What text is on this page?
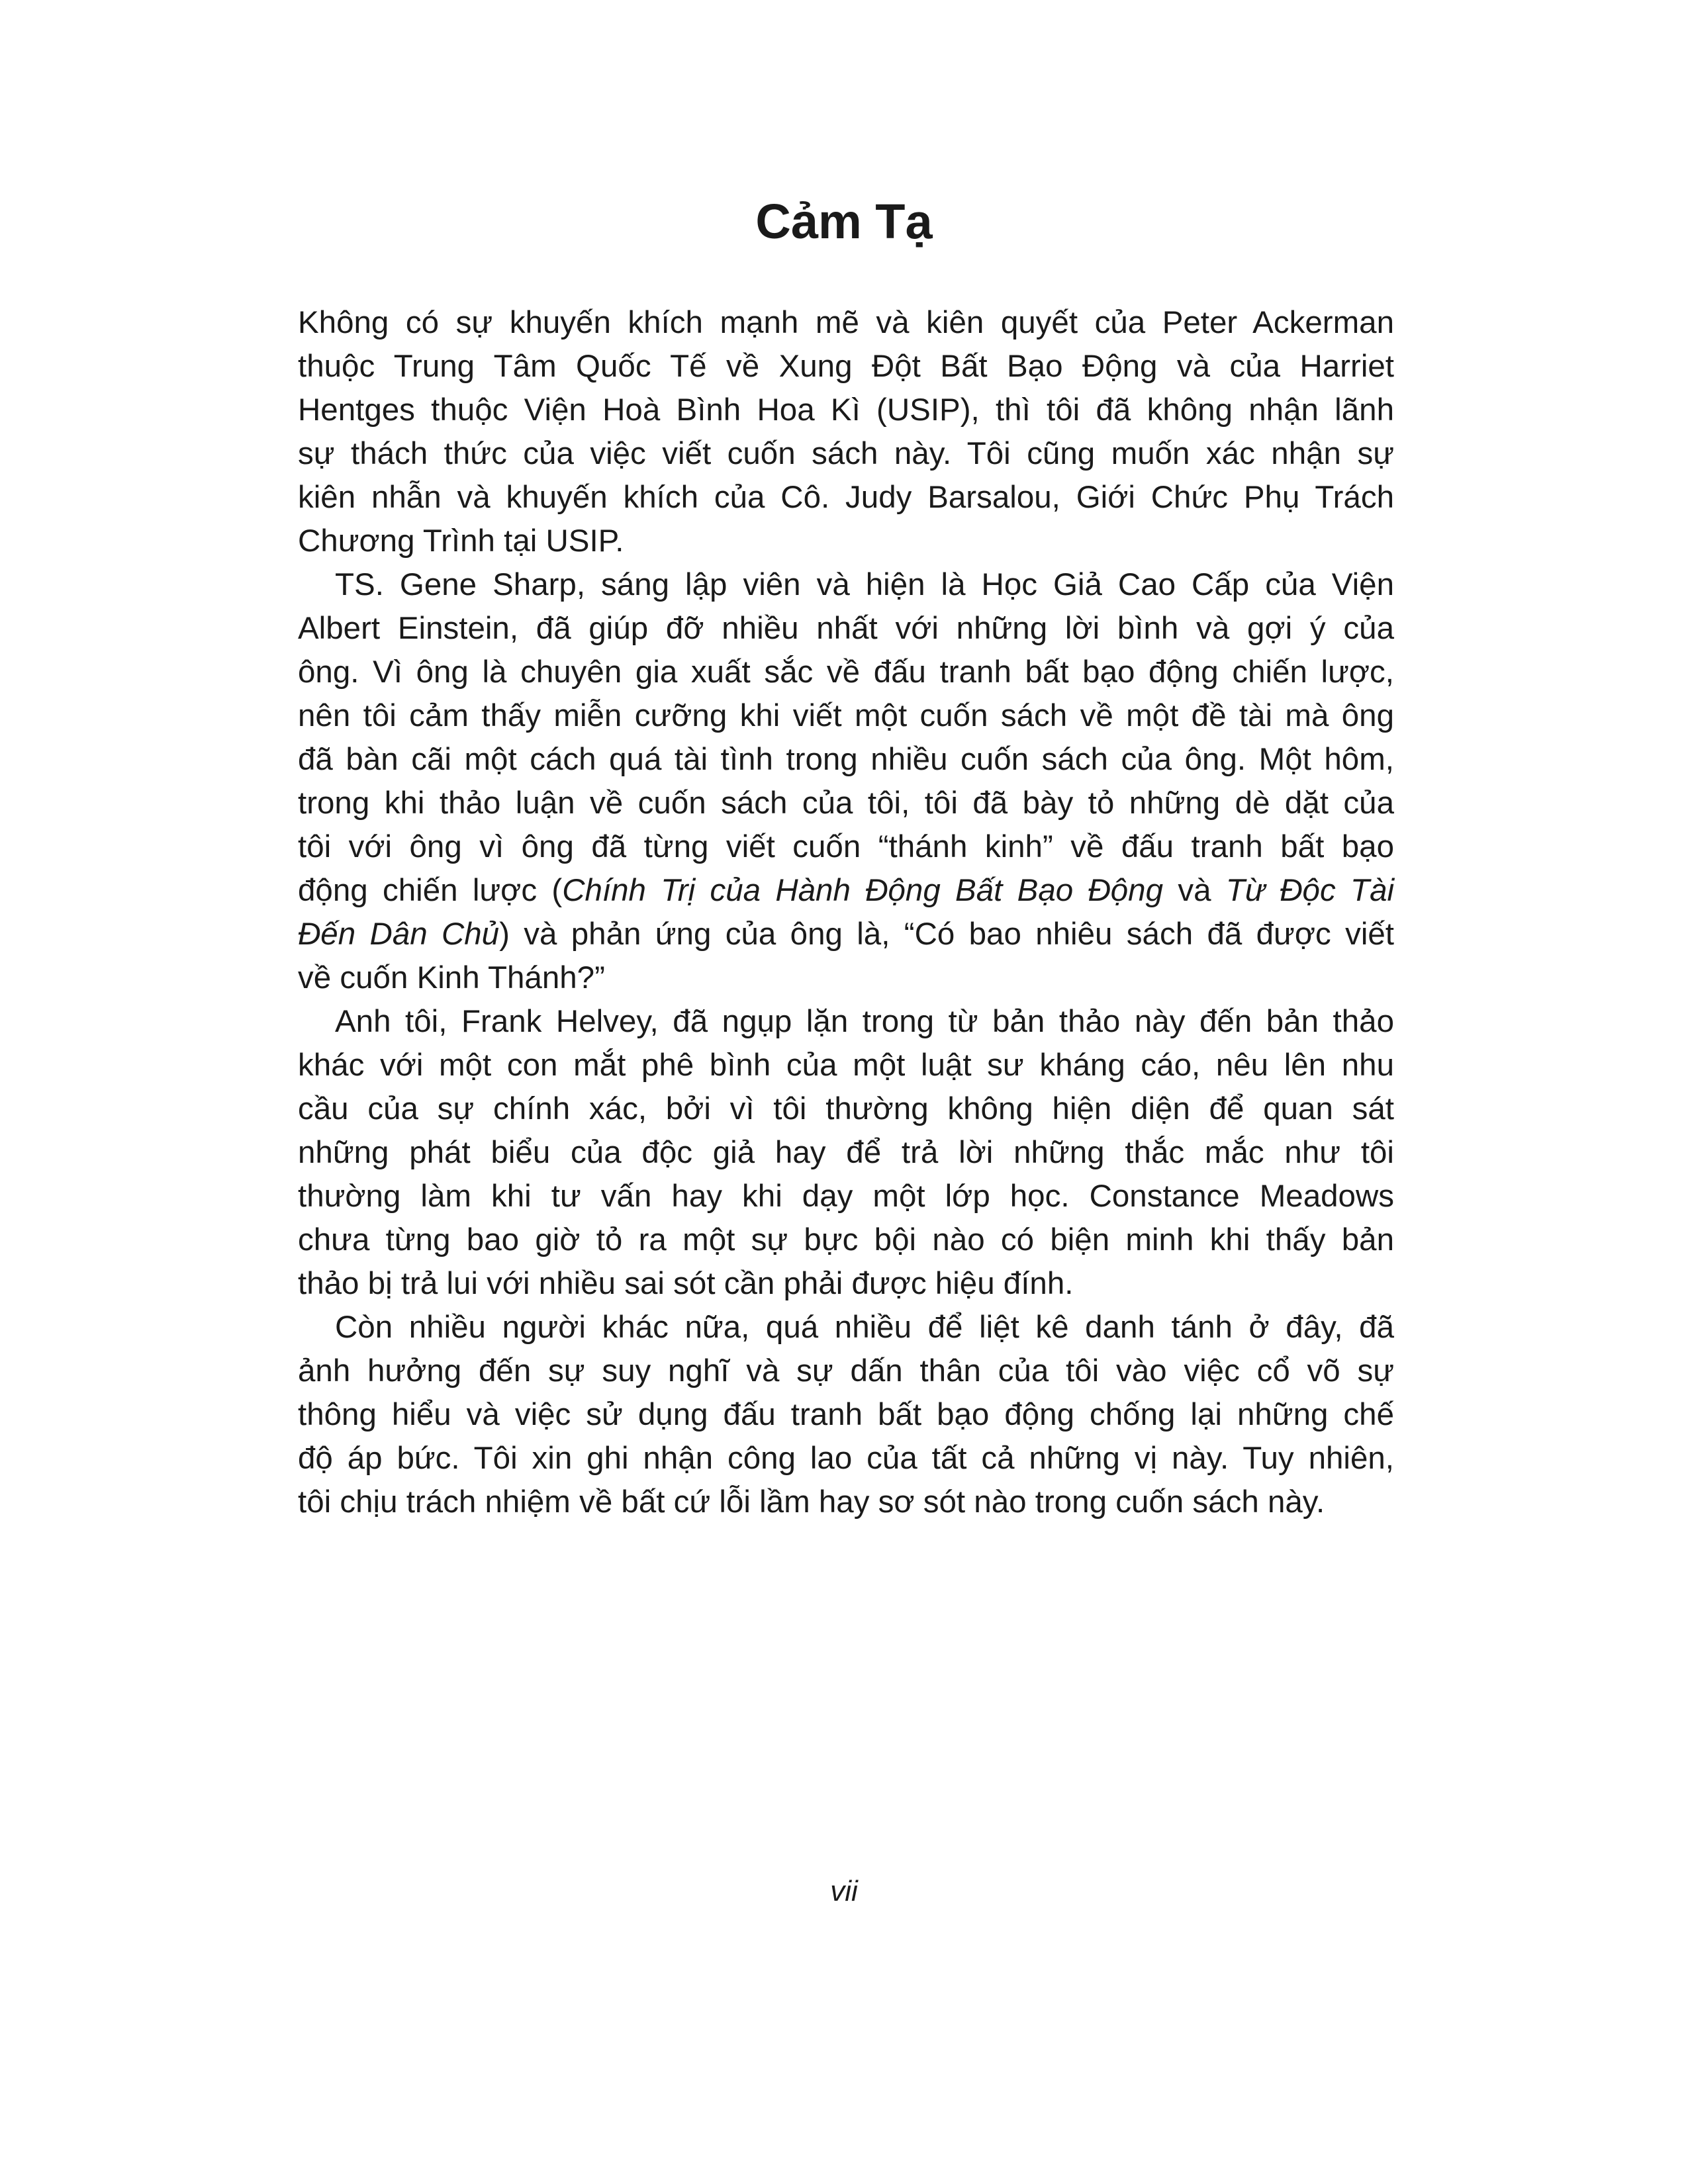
Cảm Tạ
Không có sự khuyến khích mạnh mẽ và kiên quyết của Peter Ackerman
thuộc Trung Tâm Quốc Tế về Xung Đột Bất Bạo Động và của Harriet
Hentges thuộc Viện Hoà Bình Hoa Kì (USIP), thì tôi đã không nhận lãnh
sự thách thức của việc viết cuốn sách này. Tôi cũng muốn xác nhận sự
kiên nhẫn và khuyến khích của Cô. Judy Barsalou, Giới Chức Phụ Trách
Chương Trình tại USIP.
TS. Gene Sharp, sáng lập viên và hiện là Học Giả Cao Cấp của Viện
Albert Einstein, đã giúp đỡ nhiều nhất với những lời bình và gợi ý của
ông. Vì ông là chuyên gia xuất sắc về đấu tranh bất bạo động chiến lược,
nên tôi cảm thấy miễn cưỡng khi viết một cuốn sách về một đề tài mà ông
đã bàn cãi một cách quá tài tình trong nhiều cuốn sách của ông. Một hôm,
trong khi thảo luận về cuốn sách của tôi, tôi đã bày tỏ những dè dặt của
tôi với ông vì ông đã từng viết cuốn “thánh kinh” về đấu tranh bất bạo
động chiến lược (Chính Trị của Hành Động Bất Bạo Động và Từ Độc Tài
Đến Dân Chủ) và phản ứng của ông là, “Có bao nhiêu sách đã được viết
về cuốn Kinh Thánh?”
Anh tôi, Frank Helvey, đã ngụp lặn trong từ bản thảo này đến bản thảo
khác với một con mắt phê bình của một luật sư kháng cáo, nêu lên nhu
cầu của sự chính xác, bởi vì tôi thường không hiện diện để quan sát
những phát biểu của độc giả hay để trả lời những thắc mắc như tôi
thường làm khi tư vấn hay khi dạy một lớp học. Constance Meadows
chưa từng bao giờ tỏ ra một sự bực bội nào có biện minh khi thấy bản
thảo bị trả lui với nhiều sai sót cần phải được hiệu đính.
Còn nhiều người khác nữa, quá nhiều để liệt kê danh tánh ở đây, đã
ảnh hưởng đến sự suy nghĩ và sự dấn thân của tôi vào việc cổ võ sự
thông hiểu và việc sử dụng đấu tranh bất bạo động chống lại những chế
độ áp bức. Tôi xin ghi nhận công lao của tất cả những vị này. Tuy nhiên,
tôi chịu trách nhiệm về bất cứ lỗi lầm hay sơ sót nào trong cuốn sách này.
vii
